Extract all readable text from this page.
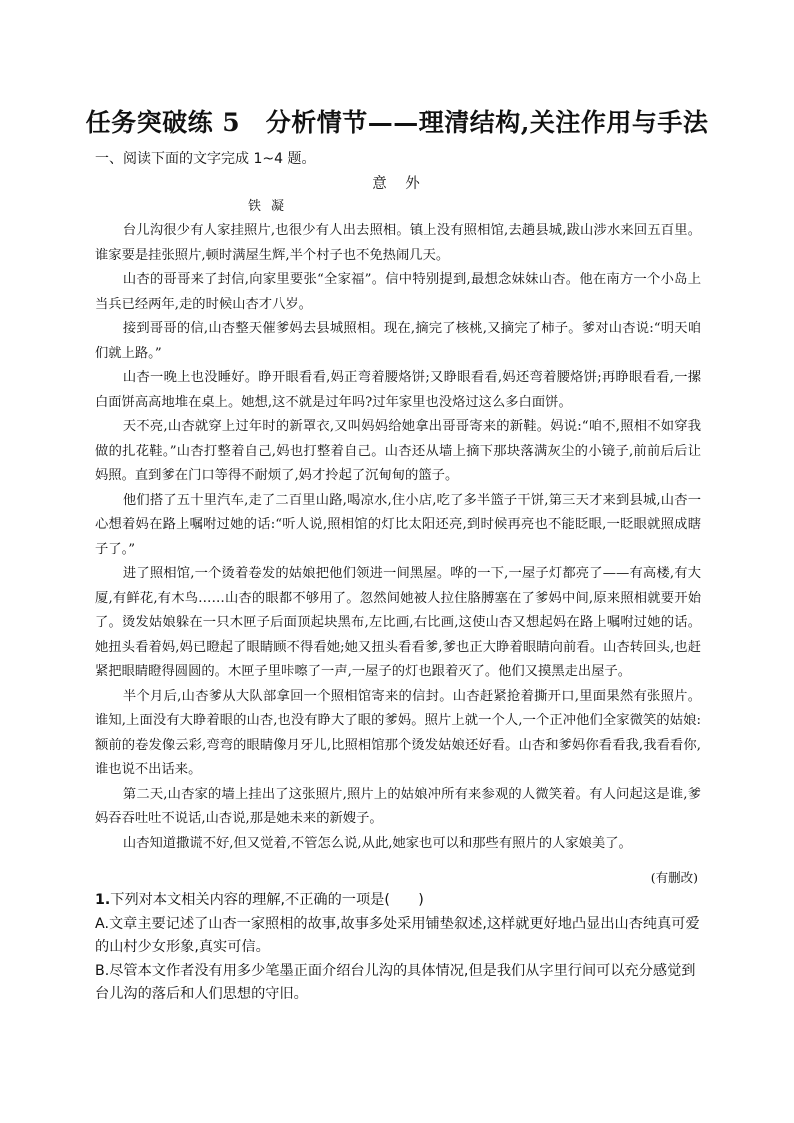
任务突破练 5　分析情节——理清结构,关注作用与手法
一、阅读下面的文字完成 1~4 题。
意　外
铁凝

台儿沟很少有人家挂照片,也很少有人出去照相。镇上没有照相馆,去趟县城,跋山涉水来回五百里。谁家要是挂张照片,顿时满屋生辉,半个村子也不免热闹几天。

山杏的哥哥来了封信,向家里要张“全家福”。信中特别提到,最想念妹妹山杏。他在南方一个小岛上当兵已经两年,走的时候山杏才八岁。

接到哥哥的信,山杏整天催爹妈去县城照相。现在,摘完了核桃,又摘完了柿子。爹对山杏说:“明天咱们就上路。”

山杏一晚上也没睡好。睁开眼看看,妈正弯着腰烙饼;又睁眼看看,妈还弯着腰烙饼;再睁眼看看,一摞白面饼高高地堆在桌上。她想,这不就是过年吗?过年家里也没烙过这么多白面饼。

天不亮,山杏就穿上过年时的新罩衣,又叫妈妈给她拿出哥哥寄来的新鞋。妈说:“咱不,照相不如穿我做的扎花鞋。”山杏打整着自己,妈也打整着自己。山杏还从墙上摘下那块落满灰尘的小镜子,前前后后让妈照。直到爹在门口等得不耐烦了,妈才拎起了沉甸甸的篮子。

他们搭了五十里汽车,走了二百里山路,喝凉水,住小店,吃了多半篮子干饼,第三天才来到县城,山杏一心想着妈在路上嘱咐过她的话:“听人说,照相馆的灯比太阳还亮,到时候再亮也不能眨眼,一眨眼就照成瞎子了。”

进了照相馆,一个烫着卷发的姑娘把他们领进一间黑屋。哗的一下,一屋子灯都亮了——有高楼,有大厦,有鲜花,有木鸟……山杏的眼都不够用了。忽然间她被人拉住胳膊塞在了爹妈中间,原来照相就要开始了。烫发姑娘躲在一只木匣子后面顶起块黑布,左比画,右比画,这使山杏又想起妈在路上嘱咐过她的话。她扭头看着妈,妈已瞪起了眼睛顾不得看她;她又扭头看看爹,爹也正大睁着眼睛向前看。山杏转回头,也赶紧把眼睛瞪得圆圆的。木匣子里咔嚓了一声,一屋子的灯也跟着灭了。他们又摸黑走出屋子。

半个月后,山杏爹从大队部拿回一个照相馆寄来的信封。山杏赶紧抢着撕开口,里面果然有张照片。谁知,上面没有大睁着眼的山杏,也没有睁大了眼的爹妈。照片上就一个人,一个正冲他们全家微笑的姑娘:额前的卷发像云彩,弯弯的眼睛像月牙儿,比照相馆那个烫发姑娘还好看。山杏和爹妈你看看我,我看看你,谁也说不出话来。

第二天,山杏家的墙上挂出了这张照片,照片上的姑娘冲所有来参观的人微笑着。有人问起这是谁,爹妈吞吞吐吐不说话,山杏说,那是她未来的新嫂子。

山杏知道撒谎不好,但又觉着,不管怎么说,从此,她家也可以和那些有照片的人家娘美了。

(有删改)

1.下列对本文相关内容的理解,不正确的一项是(　　)

A.文章主要记述了山杏一家照相的故事,故事多处采用铺垫叙述,这样就更好地凸显出山杏纯真可爱的山村少女形象,真实可信。

B.尽管本文作者没有用多少笔墨正面介绍台儿沟的具体情况,但是我们从字里行间可以充分感觉到台儿沟的落后和人们思想的守旧。
